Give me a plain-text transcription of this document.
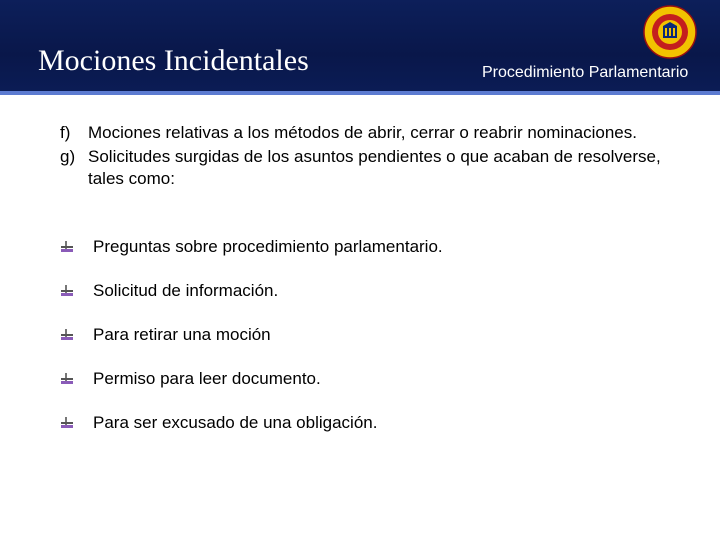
Mociones Incidentales	Procedimiento Parlamentario
f)	Mociones relativas a los métodos de abrir, cerrar o reabrir nominaciones.
g) Solicitudes surgidas de los asuntos pendientes o que acaban de resolverse, tales como:
Preguntas sobre procedimiento parlamentario.
Solicitud de información.
Para retirar una moción
Permiso para leer documento.
Para ser excusado de una obligación.
